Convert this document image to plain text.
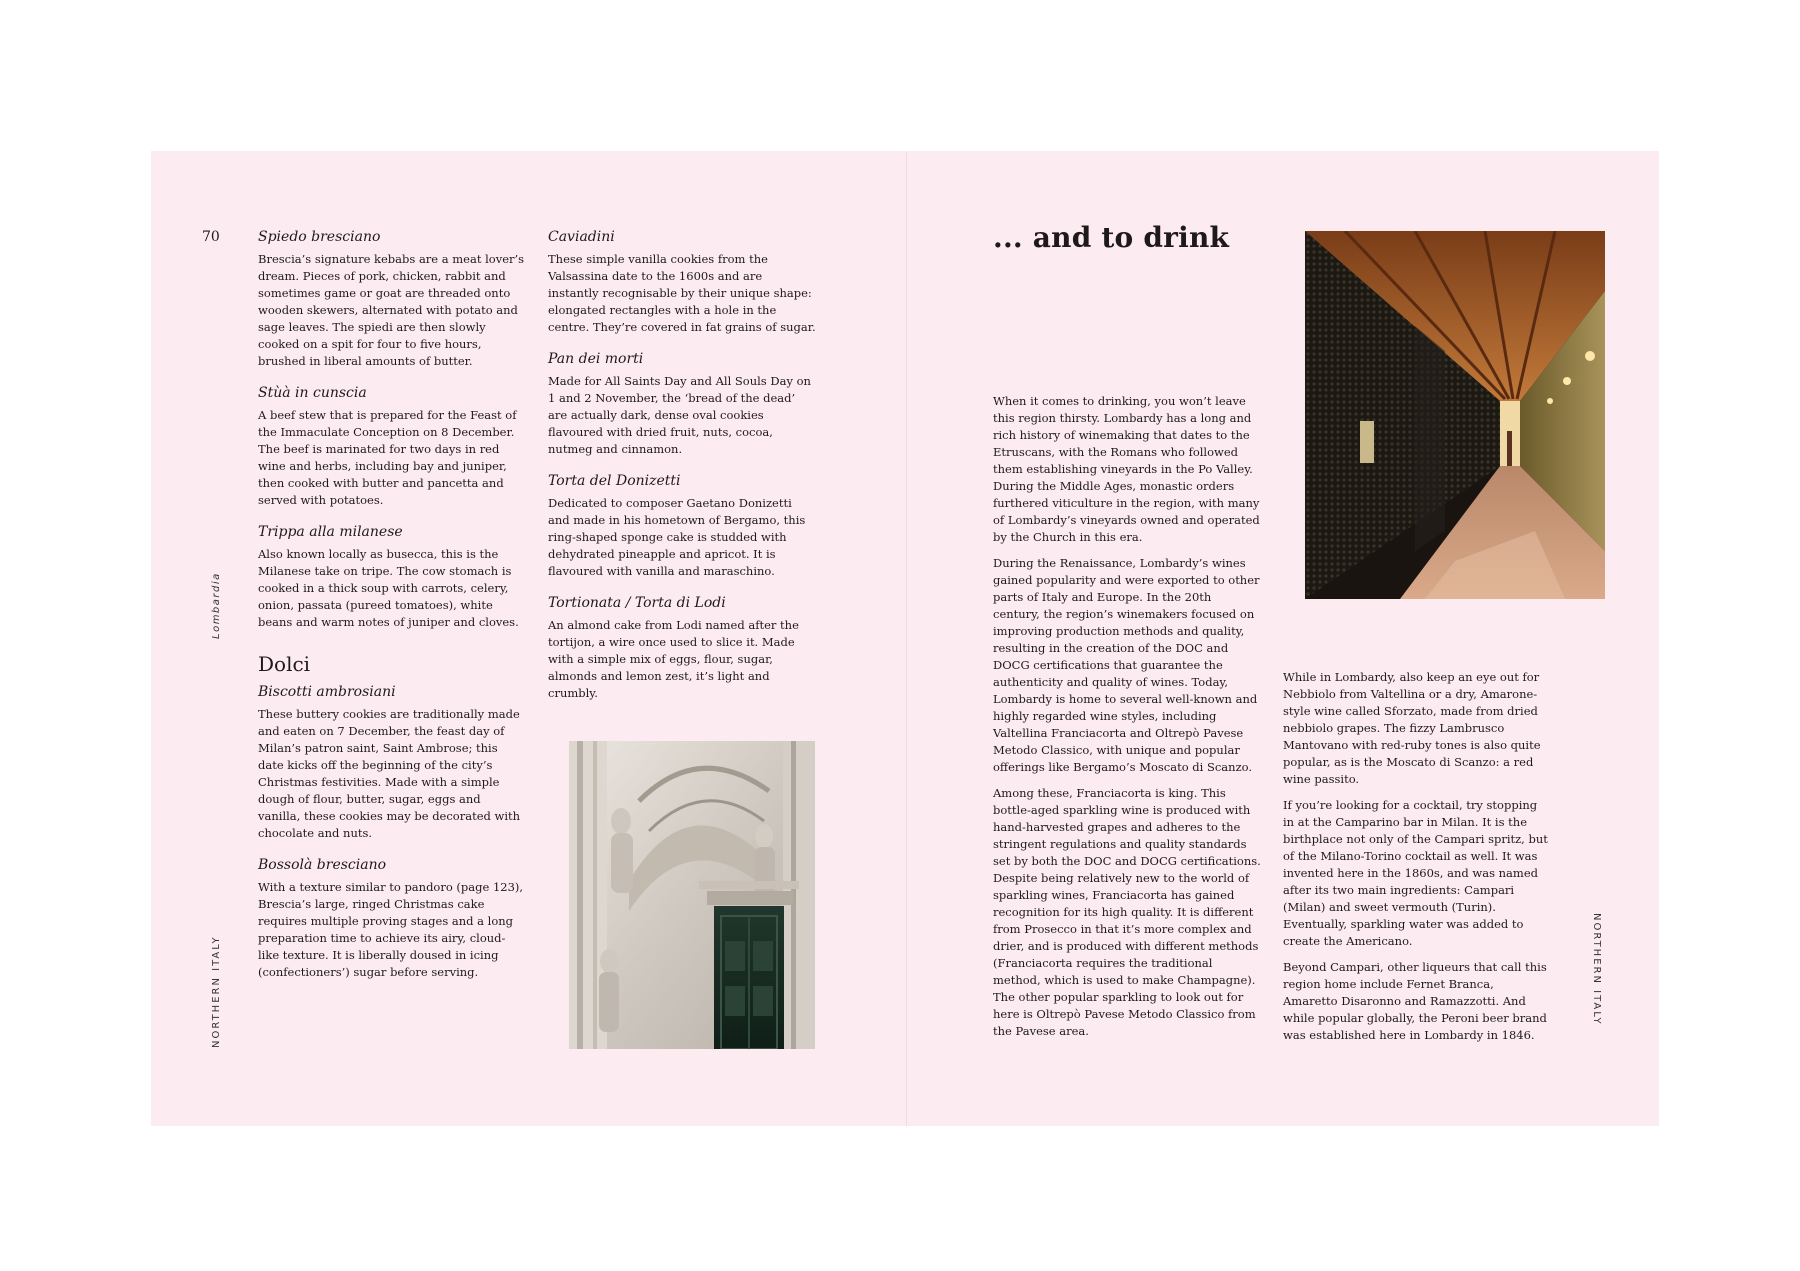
70
Lombardia
NORTHERN ITALY
Spiedo bresciano

Brescia’s signature kebabs are a meat lover’s dream. Pieces of pork, chicken, rabbit and sometimes game or goat are threaded onto wooden skewers, alternated with potato and sage leaves. The spiedi are then slowly cooked on a spit for four to five hours, brushed in liberal amounts of butter.

Stùà in cunscia

A beef stew that is prepared for the Feast of the Immaculate Conception on 8 December. The beef is marinated for two days in red wine and herbs, including bay and juniper, then cooked with butter and pancetta and served with potatoes.

Trippa alla milanese

Also known locally as busecca, this is the Milanese take on tripe. The cow stomach is cooked in a thick soup with carrots, celery, onion, passata (pureed tomatoes), white beans and warm notes of juniper and cloves.

Dolci
Biscotti ambrosiani

These buttery cookies are traditionally made and eaten on 7 December, the feast day of Milan’s patron saint, Saint Ambrose; this date kicks off the beginning of the city’s Christmas festivities. Made with a simple dough of flour, butter, sugar, eggs and vanilla, these cookies may be decorated with chocolate and nuts.

Bossolà bresciano

With a texture similar to pandoro (page 123), Brescia’s large, ringed Christmas cake requires multiple proving stages and a long preparation time to achieve its airy, cloud-like texture. It is liberally doused in icing (confectioners’) sugar before serving.

Caviadini

These simple vanilla cookies from the Valsassina date to the 1600s and are instantly recognisable by their unique shape: elongated rectangles with a hole in the centre. They’re covered in fat grains of sugar.

Pan dei morti

Made for All Saints Day and All Souls Day on 1 and 2 November, the ‘bread of the dead’ are actually dark, dense oval cookies flavoured with dried fruit, nuts, cocoa, nutmeg and cinnamon.

Torta del Donizetti

Dedicated to composer Gaetano Donizetti and made in his hometown of Bergamo, this ring-shaped sponge cake is studded with dehydrated pineapple and apricot. It is flavoured with vanilla and maraschino.

Tortionata / Torta di Lodi

An almond cake from Lodi named after the tortijon, a wire once used to slice it. Made with a simple mix of eggs, flour, sugar, almonds and lemon zest, it’s light and crumbly.

... and to drink

When it comes to drinking, you won’t leave this region thirsty. Lombardy has a long and rich history of winemaking that dates to the Etruscans, with the Romans who followed them establishing vineyards in the Po Valley. During the Middle Ages, monastic orders furthered viticulture in the region, with many of Lombardy’s vineyards owned and operated by the Church in this era.

During the Renaissance, Lombardy’s wines gained popularity and were exported to other parts of Italy and Europe. In the 20th century, the region’s winemakers focused on improving production methods and quality, resulting in the creation of the DOC and DOCG certifications that guarantee the authenticity and quality of wines. Today, Lombardy is home to several well-known and highly regarded wine styles, including Valtellina Franciacorta and Oltrepò Pavese Metodo Classico, with unique and popular offerings like Bergamo’s Moscato di Scanzo.

Among these, Franciacorta is king. This bottle-aged sparkling wine is produced with hand-harvested grapes and adheres to the stringent regulations and quality standards set by both the DOC and DOCG certifications. Despite being relatively new to the world of sparkling wines, Franciacorta has gained recognition for its high quality. It is different from Prosecco in that it’s more complex and drier, and is produced with different methods (Franciacorta requires the traditional method, which is used to make Champagne). The other popular sparkling to look out for here is Oltrepò Pavese Metodo Classico from the Pavese area.

While in Lombardy, also keep an eye out for Nebbiolo from Valtellina or a dry, Amarone-style wine called Sforzato, made from dried nebbiolo grapes. The fizzy Lambrusco Mantovano with red-ruby tones is also quite popular, as is the Moscato di Scanzo: a red wine passito.

If you’re looking for a cocktail, try stopping in at the Camparino bar in Milan. It is the birthplace not only of the Campari spritz, but of the Milano-Torino cocktail as well. It was invented here in the 1860s, and was named after its two main ingredients: Campari (Milan) and sweet vermouth (Turin). Eventually, sparkling water was added to create the Americano.

Beyond Campari, other liqueurs that call this region home include Fernet Branca, Amaretto Disaronno and Ramazzotti. And while popular globally, the Peroni beer brand was established here in Lombardy in 1846.

NORTHERN ITALY
